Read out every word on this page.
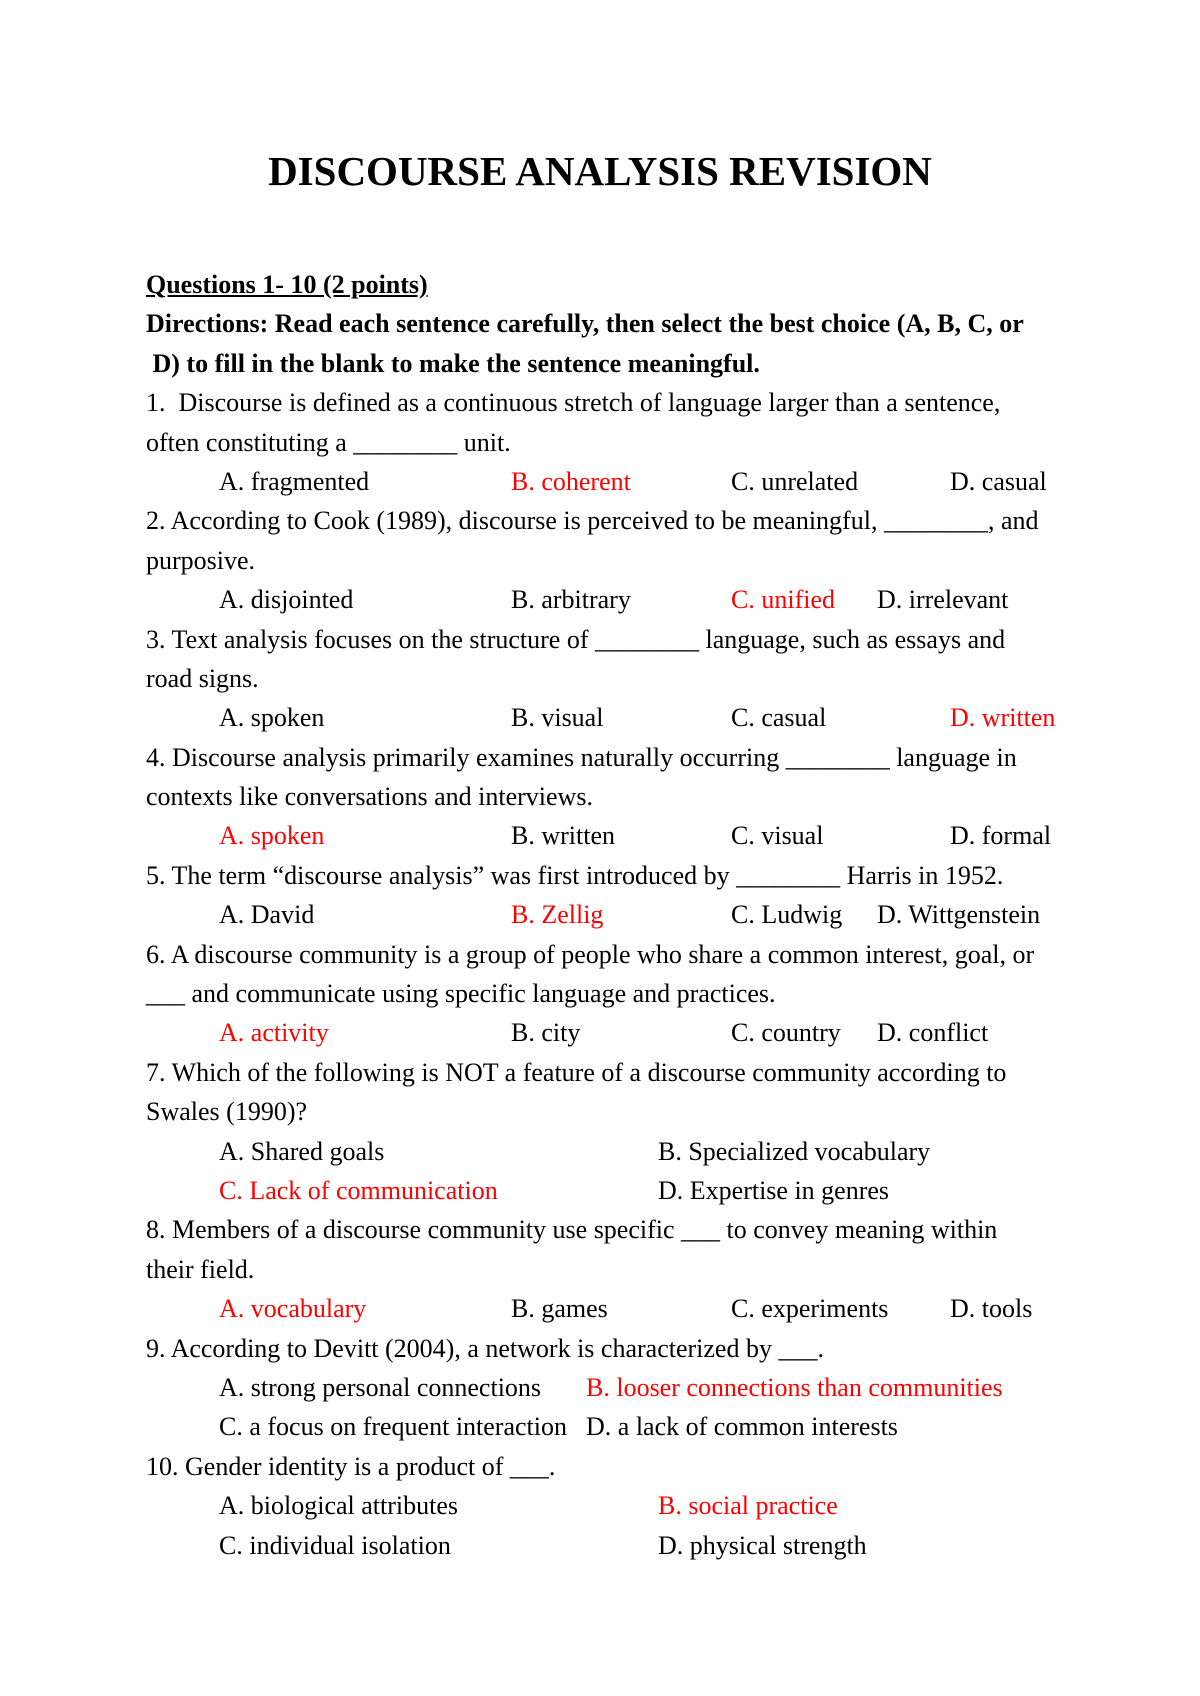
DISCOURSE ANALYSIS REVISION
Questions 1- 10 (2 points)
Directions: Read each sentence carefully, then select the best choice (A, B, C, or
D) to fill in the blank to make the sentence meaningful.
1.  Discourse is defined as a continuous stretch of language larger than a sentence,
often constituting a ________ unit.

A. fragmented

	B. coherent

	C. unrelated

	D. casual

2. According to Cook (1989), discourse is perceived to be meaningful, ________, and
purposive.

A. disjointed

	B. arbitrary

	C. unified

D. irrelevant

3. Text analysis focuses on the structure of ________ language, such as essays and
road signs.

A. spoken

	B. visual

	C. casual

	D. written

4. Discourse analysis primarily examines naturally occurring ________ language in
contexts like conversations and interviews.

A. spoken

	B. written

	C. visual

	D. formal

5. The term “discourse analysis” was first introduced by ________ Harris in 1952.

A. David

	B. Zellig

	C. Ludwig

D. Wittgenstein

6. A discourse community is a group of people who share a common interest, goal, or
___ and communicate using specific language and practices.

A. activity

	B. city

	C. country

D. conflict

7. Which of the following is NOT a feature of a discourse community according to
Swales (1990)?

A. Shared goals

	B. Specialized vocabulary

C. Lack of communication

	D. Expertise in genres

8. Members of a discourse community use specific ___ to convey meaning within
their field.

A. vocabulary

	B. games

	C. experiments

D. tools

9. According to Devitt (2004), a network is characterized by ___.

A. strong personal connections

B. looser connections than communities

C. a focus on frequent interaction

D. a lack of common interests

10. Gender identity is a product of ___.

A. biological attributes

	B. social practice

C. individual isolation

	D. physical strength
